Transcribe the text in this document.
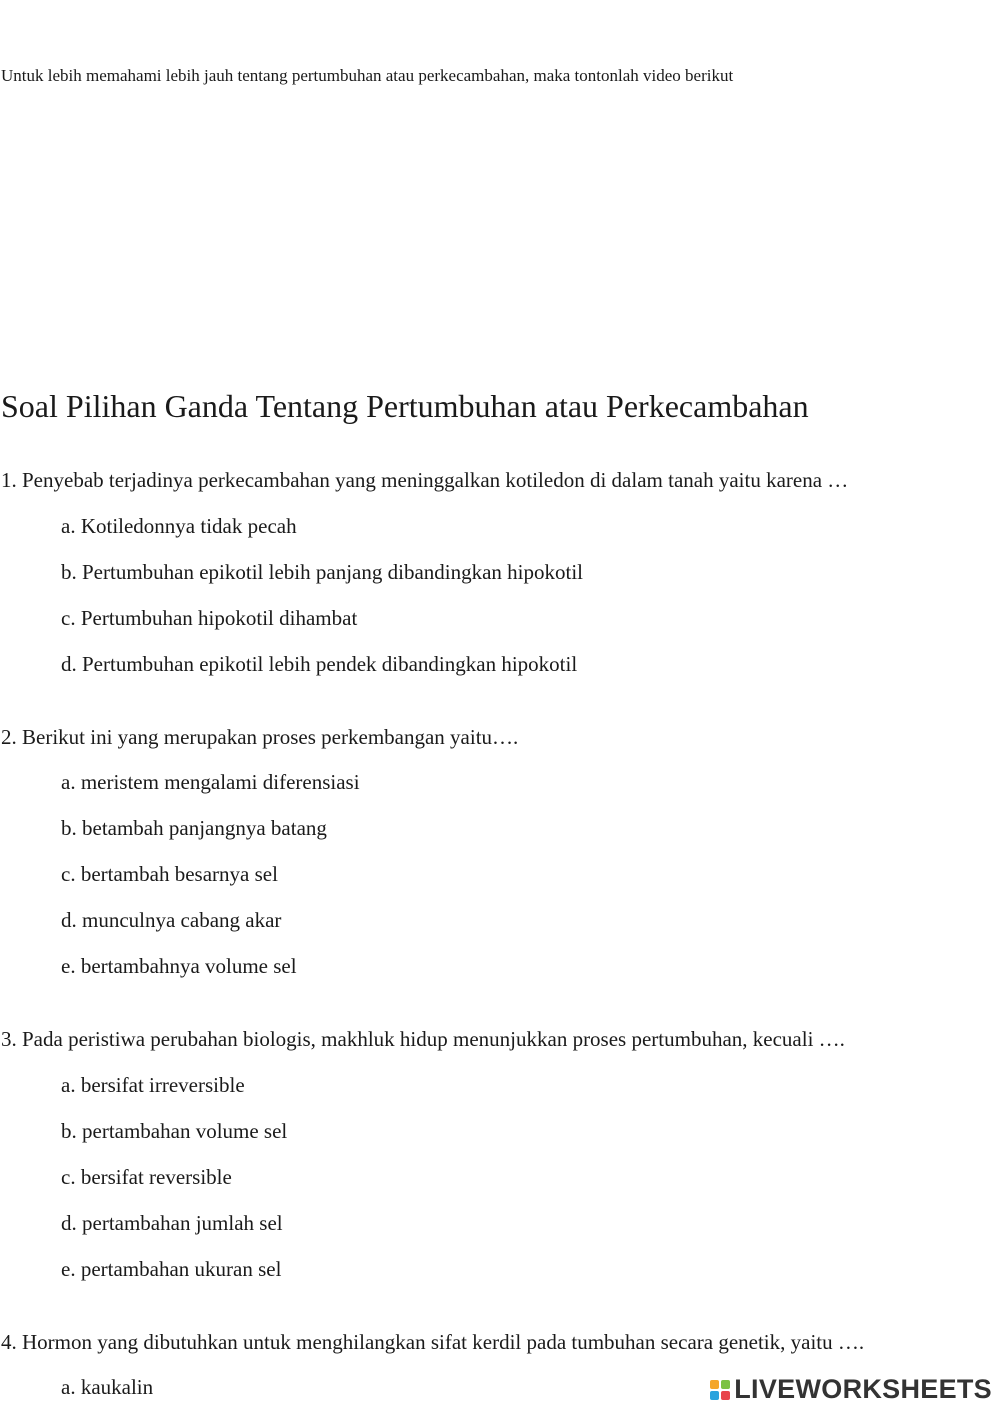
Untuk lebih memahami lebih jauh tentang pertumbuhan atau perkecambahan, maka tontonlah video berikut
Soal Pilihan Ganda Tentang Pertumbuhan atau Perkecambahan
1. Penyebab terjadinya perkecambahan yang meninggalkan kotiledon di dalam tanah yaitu karena …
a. Kotiledonnya tidak pecah
b. Pertumbuhan epikotil lebih panjang dibandingkan hipokotil
c. Pertumbuhan hipokotil dihambat
d. Pertumbuhan epikotil lebih pendek dibandingkan hipokotil
2. Berikut ini yang merupakan proses perkembangan yaitu….
a. meristem mengalami diferensiasi
b. betambah panjangnya batang
c. bertambah besarnya sel
d. munculnya cabang akar
e. bertambahnya volume sel
3. Pada peristiwa perubahan biologis, makhluk hidup menunjukkan proses pertumbuhan, kecuali ….
a. bersifat irreversible
b. pertambahan volume sel
c. bersifat reversible
d. pertambahan jumlah sel
e. pertambahan ukuran sel
4. Hormon yang dibutuhkan untuk menghilangkan sifat kerdil pada tumbuhan secara genetik, yaitu ….
a. kaukalin	LIVEWORKSHEETS
